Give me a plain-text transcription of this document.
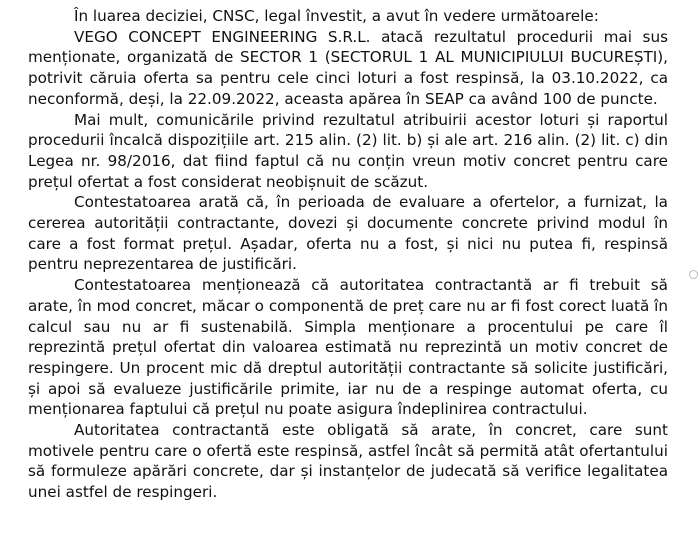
În luarea deciziei, CNSC, legal învestit, a avut în vedere următoarele:

VEGO CONCEPT ENGINEERING S.R.L. atacă rezultatul procedurii mai sus menționate, organizată de SECTOR 1 (SECTORUL 1 AL MUNICIPIULUI BUCUREȘTI), potrivit căruia oferta sa pentru cele cinci loturi a fost respinsă, la 03.10.2022, ca neconformă, deși, la 22.09.2022, aceasta apărea în SEAP ca având 100 de puncte.

Mai mult, comunicările privind rezultatul atribuirii acestor loturi și raportul procedurii încalcă dispozițiile art. 215 alin. (2) lit. b) și ale art. 216 alin. (2) lit. c) din Legea nr. 98/2016, dat fiind faptul că nu conțin vreun motiv concret pentru care prețul ofertat a fost considerat neobișnuit de scăzut.

Contestatoarea arată că, în perioada de evaluare a ofertelor, a furnizat, la cererea autorității contractante, dovezi și documente concrete privind modul în care a fost format prețul. Așadar, oferta nu a fost, și nici nu putea fi, respinsă pentru neprezentarea de justificări.

Contestatoarea menționează că autoritatea contractantă ar fi trebuit să arate, în mod concret, măcar o componentă de preț care nu ar fi fost corect luată în calcul sau nu ar fi sustenabilă. Simpla menționare a procentului pe care îl reprezintă prețul ofertat din valoarea estimată nu reprezintă un motiv concret de respingere. Un procent mic dă dreptul autorității contractante să solicite justificări, și apoi să evalueze justificările primite, iar nu de a respinge automat oferta, cu menționarea faptului că prețul nu poate asigura îndeplinirea contractului.

Autoritatea contractantă este obligată să arate, în concret, care sunt motivele pentru care o ofertă este respinsă, astfel încât să permită atât ofertantului să formuleze apărări concrete, dar și instanțelor de judecată să verifice legalitatea unei astfel de respingeri.
